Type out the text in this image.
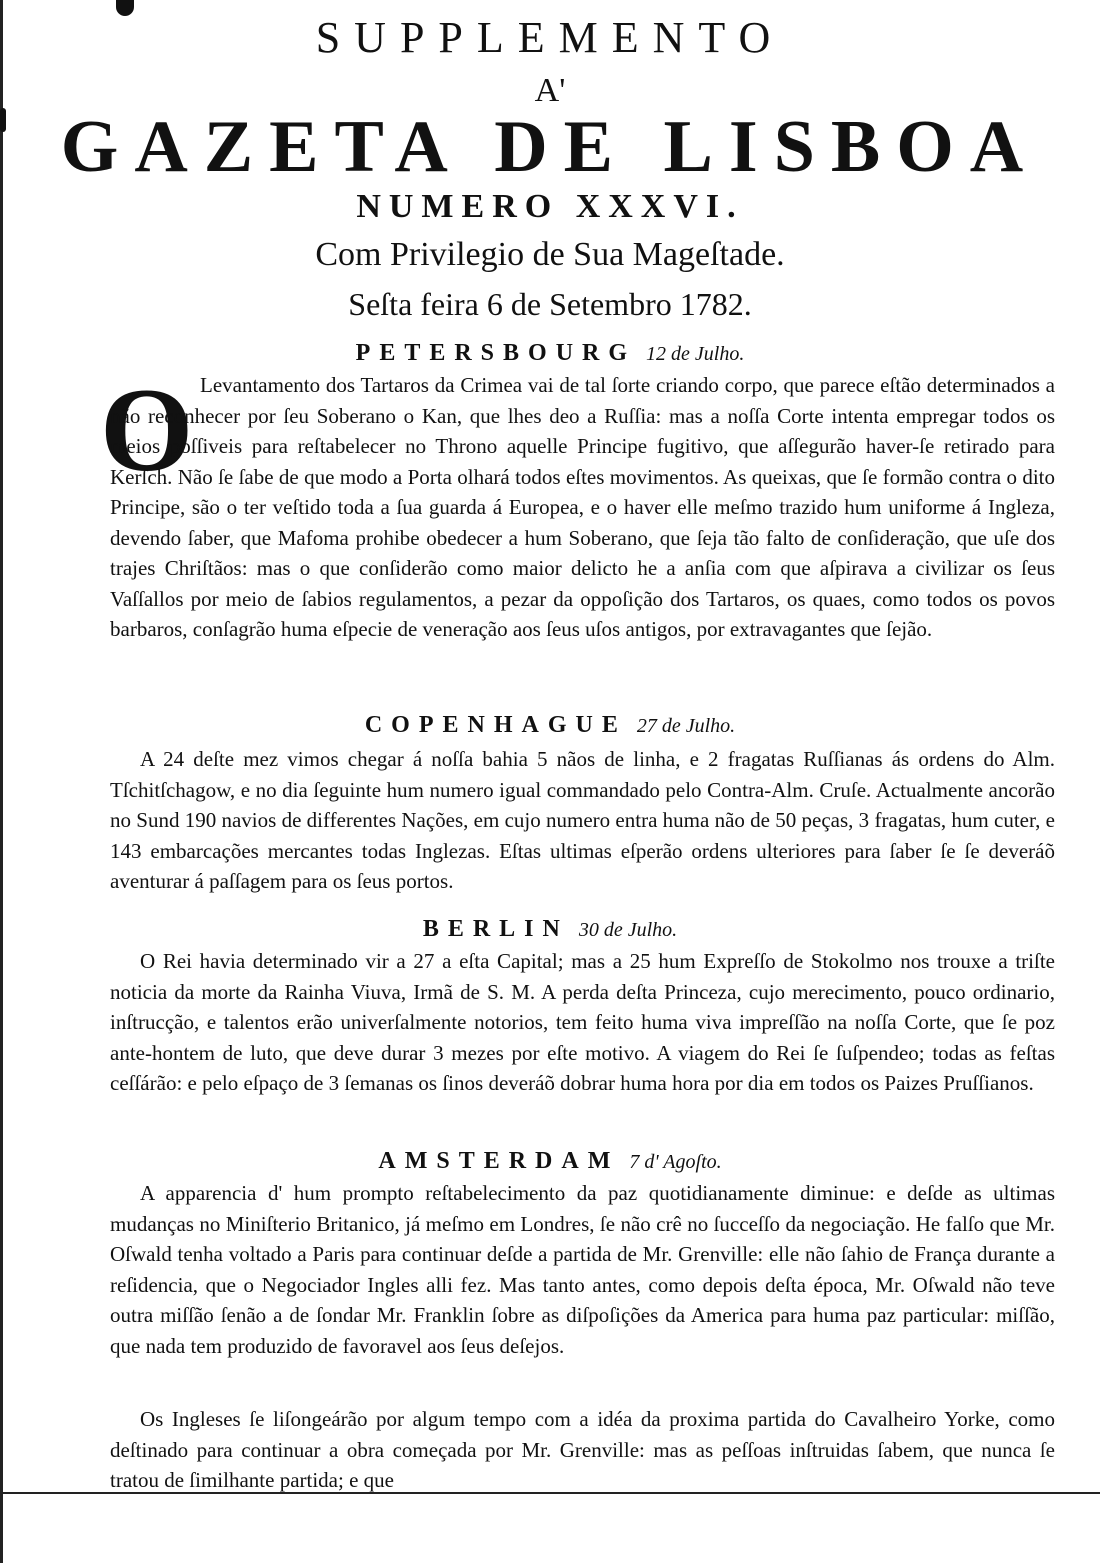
SUPPLEMENTO
A'
GAZETA DE LISBOA
NUMERO XXXVI.
Com Privilegio de Sua Mageſtade.
Seſta feira 6 de Setembro 1782.
PETERSBOURG 12 de Julho.
O Levantamento dos Tartaros da Crimea vai de tal ſorte criando corpo, que parece eſtão determinados a não reconhecer por ſeu Soberano o Kan, que lhes deo a Ruſſia: mas a noſſa Corte intenta empregar todos os meios poſſiveis para reſtabelecer no Throno aquelle Principe fugitivo, que aſſegurão haver-ſe retirado para Kerſch. Não ſe ſabe de que modo a Porta olhará todos eſtes movimentos. As queixas, que ſe formão contra o dito Principe, são o ter veſtido toda a ſua guarda á Europea, e o haver elle meſmo trazido hum uniforme á Ingleza, devendo ſaber, que Mafoma prohibe obedecer a hum Soberano, que ſeja tão falto de conſideração, que uſe dos trajes Chriſtãos: mas o que conſiderão como maior delicto he a anſia com que aſpirava a civilizar os ſeus Vaſſallos por meio de ſabios regulamentos, a pezar da oppoſição dos Tartaros, os quaes, como todos os povos barbaros, conſagrão huma eſpecie de veneração aos ſeus uſos antigos, por extravagantes que ſejão.
COPENHAGUE 27 de Julho.
A 24 deſte mez vimos chegar á noſſa bahia 5 nãos de linha, e 2 fragatas Ruſſianas ás ordens do Alm. Tſchitſchagow, e no dia ſeguinte hum numero igual commandado pelo Contra-Alm. Cruſe. Actualmente ancorão no Sund 190 navios de differentes Nações, em cujo numero entra huma não de 50 peças, 3 fragatas, hum cuter, e 143 embarcações mercantes todas Inglezas. Eſtas ultimas eſperão ordens ulteriores para ſaber ſe ſe deveráõ aventurar á paſſagem para os ſeus portos.
BERLIN 30 de Julho.
O Rei havia determinado vir a 27 a eſta Capital; mas a 25 hum Expreſſo de Stokolmo nos trouxe a triſte noticia da morte da Rainha Viuva, Irmã de S. M. A perda deſta Princeza, cujo merecimento, pouco ordinario, inſtrucção, e talentos erão univerſalmente notorios, tem feito huma viva impreſſão na noſſa Corte, que ſe poz ante-hontem de luto, que deve durar 3 mezes por eſte motivo. A viagem do Rei ſe ſuſpendeo; todas as feſtas ceſſárão: e pelo eſpaço de 3 ſemanas os ſinos deveráõ dobrar huma hora por dia em todos os Paizes Pruſſianos.
AMSTERDAM 7 d' Agoſto.
A apparencia d' hum prompto reſtabelecimento da paz quotidianamente diminue: e deſde as ultimas mudanças no Miniſterio Britanico, já meſmo em Londres, ſe não crê no ſucceſſo da negociação. He falſo que Mr. Oſwald tenha voltado a Paris para continuar deſde a partida de Mr. Grenville: elle não ſahio de França durante a reſidencia, que o Negociador Ingles alli fez. Mas tanto antes, como depois deſta época, Mr. Oſwald não teve outra miſſão ſenão a de ſondar Mr. Franklin ſobre as diſpoſições da America para huma paz particular: miſſão, que nada tem produzido de favoravel aos ſeus deſejos.
Os Ingleses ſe liſongeárão por algum tempo com a idéa da proxima partida do Cavalheiro Yorke, como deſtinado para continuar a obra começada por Mr. Grenville: mas as peſſoas inſtruidas ſabem, que nunca ſe tratou de ſimilhante partida; e que
